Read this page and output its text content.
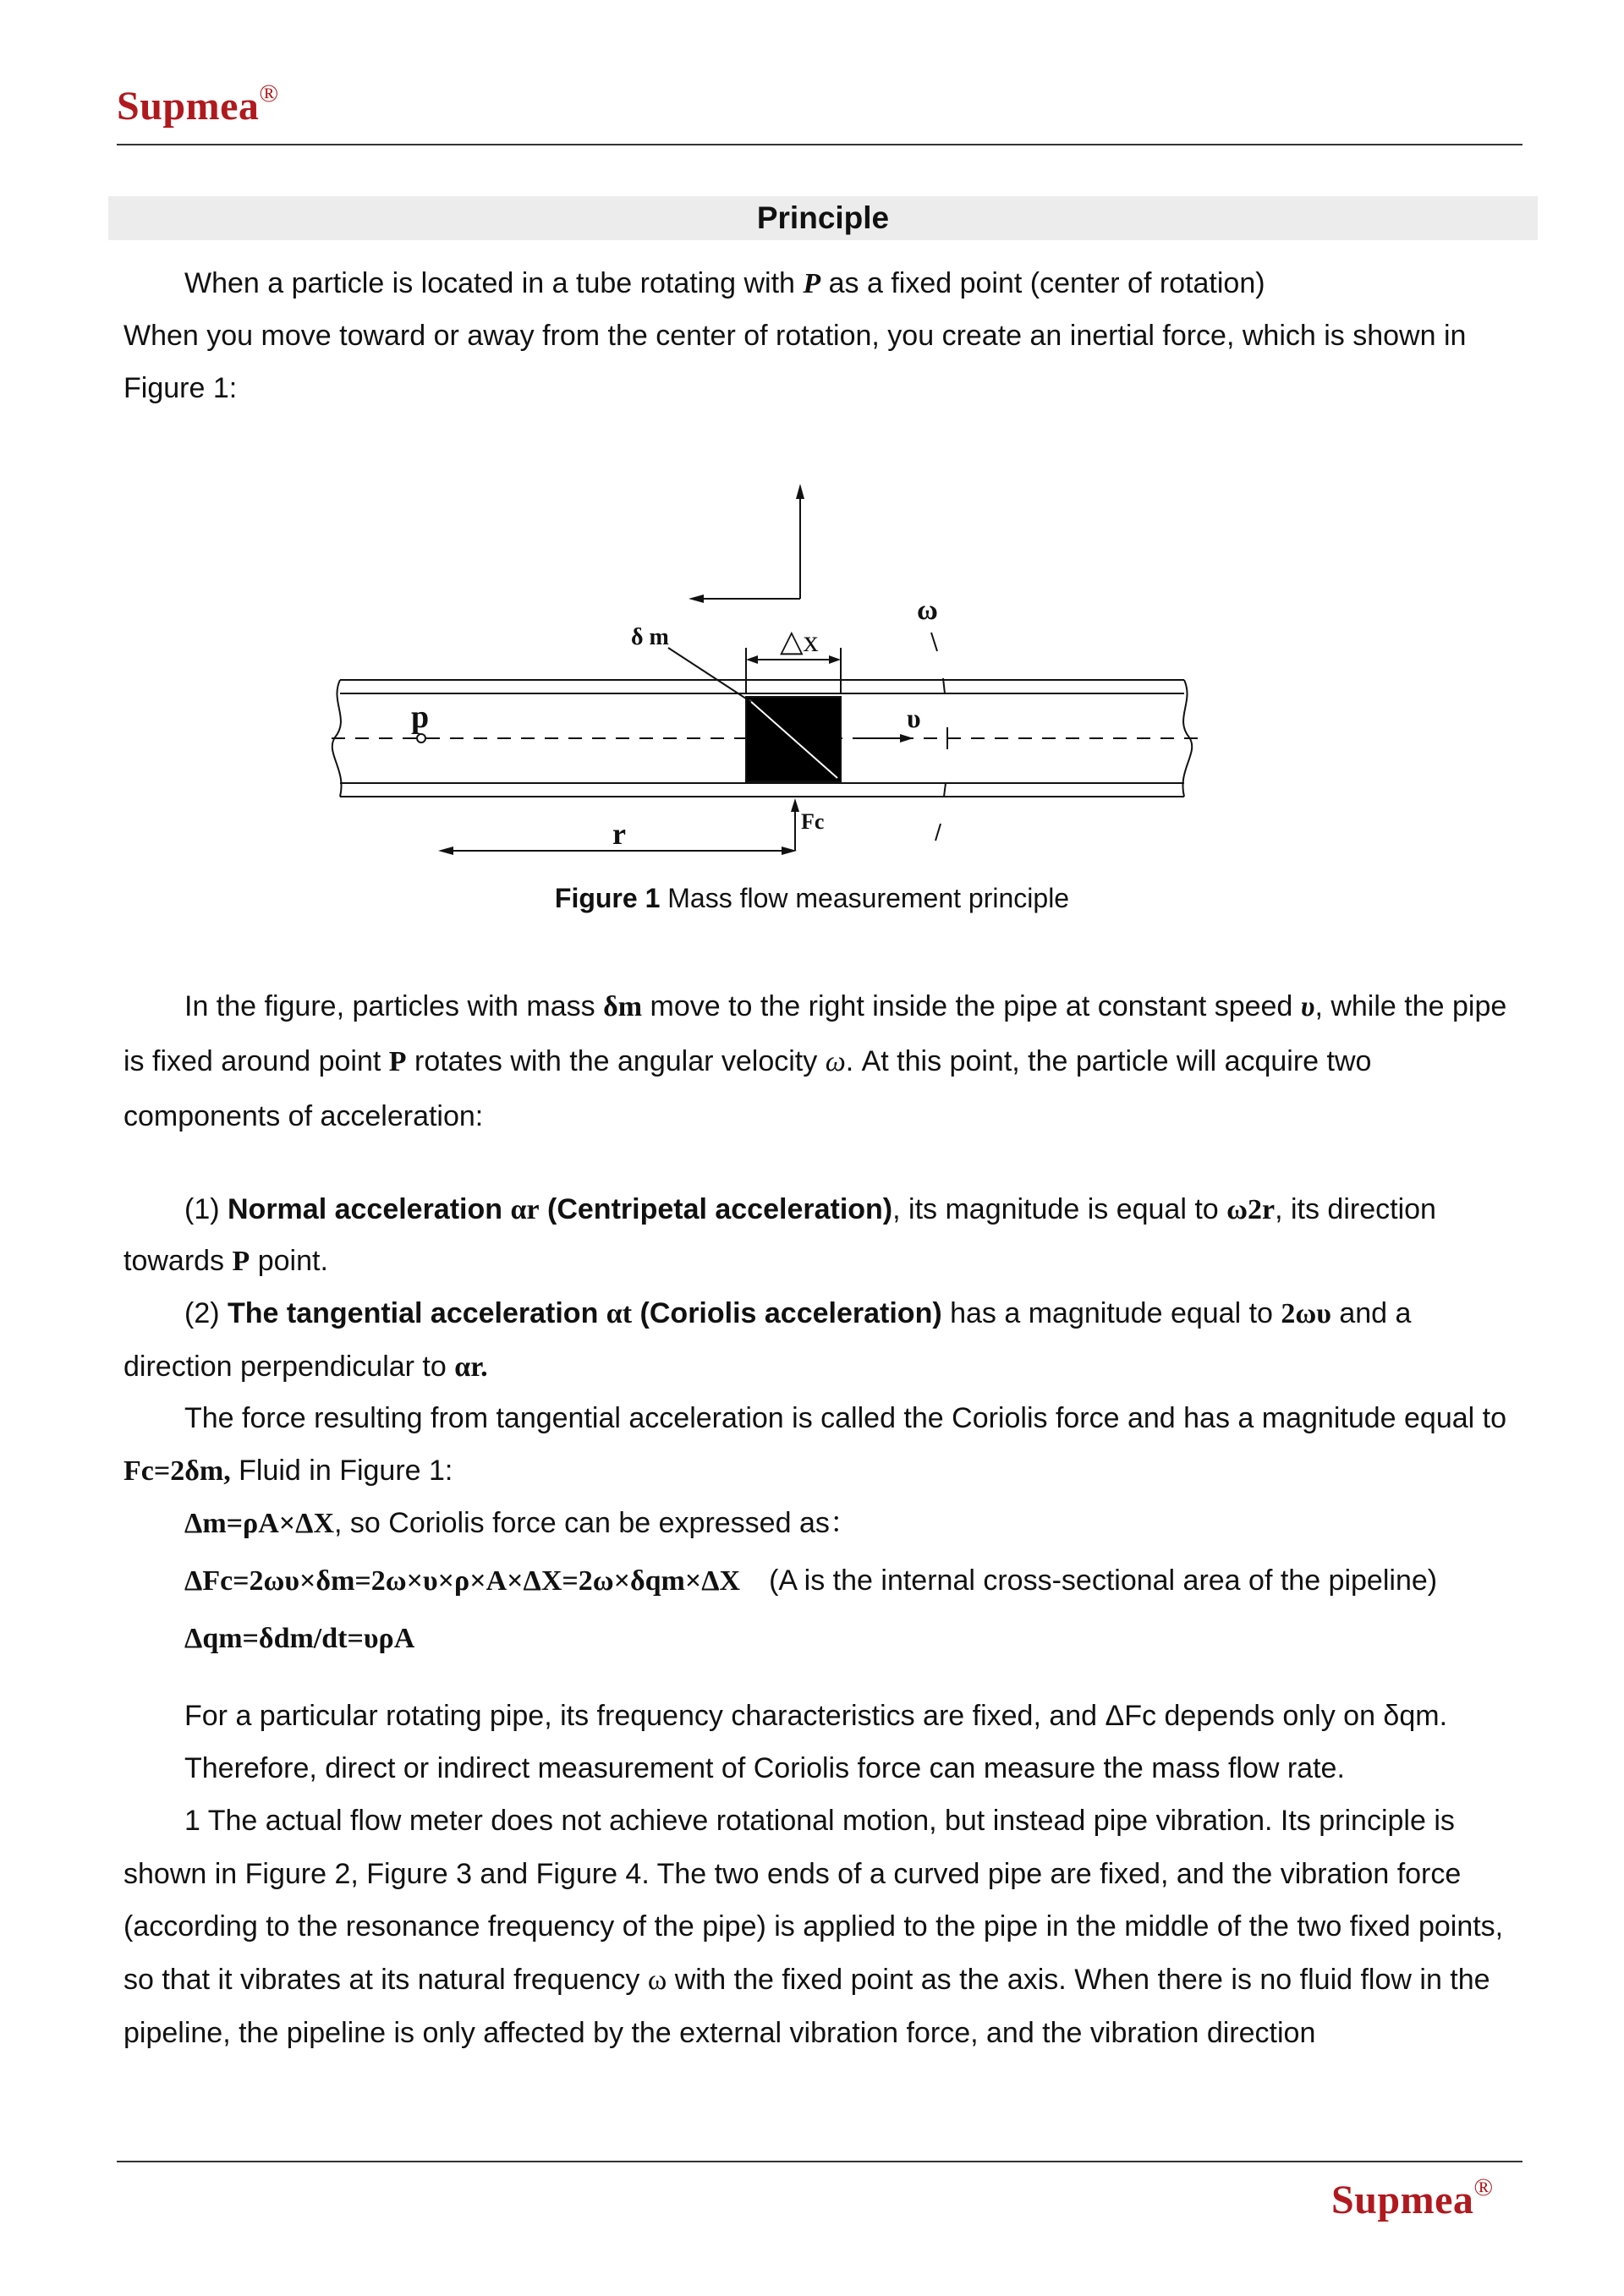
Supmea®
Principle

When a particle is located in a tube rotating with P as a fixed point (center of rotation)

When you move toward or away from the center of rotation, you create an inertial force, which is shown in Figure 1:

δ m	△x
ω
p	υ
Fc
r
Figure 1 Mass flow measurement principle

In the figure, particles with mass δm move to the right inside the pipe at constant speed υ, while the pipe is fixed around point P rotates with the angular velocity ω. At this point, the particle will acquire two components of acceleration:

(1) Normal acceleration αr (Centripetal acceleration), its magnitude is equal to ω2r, its direction towards P point.

(2) The tangential acceleration αt (Coriolis acceleration) has a magnitude equal to 2ωυ and a direction perpendicular to αr.

The force resulting from tangential acceleration is called the Coriolis force and has a magnitude equal to Fc=2δm, Fluid in Figure 1:

Δm=ρA×ΔX, so Coriolis force can be expressed as：

ΔFc=2ωυ×δm=2ω×υ×ρ×A×ΔX=2ω×δqm×ΔX (A is the internal cross-sectional area of the pipeline)

Δqm=δdm/dt=υρA

For a particular rotating pipe, its frequency characteristics are fixed, and ΔFc depends only on δqm.

Therefore, direct or indirect measurement of Coriolis force can measure the mass flow rate.

1 The actual flow meter does not achieve rotational motion, but instead pipe vibration. Its principle is shown in Figure 2, Figure 3 and Figure 4. The two ends of a curved pipe are fixed, and the vibration force (according to the resonance frequency of the pipe) is applied to the pipe in the middle of the two fixed points, so that it vibrates at its natural frequency ω with the fixed point as the axis. When there is no fluid flow in the pipeline, the pipeline is only affected by the external vibration force, and the vibration direction

Supmea®
